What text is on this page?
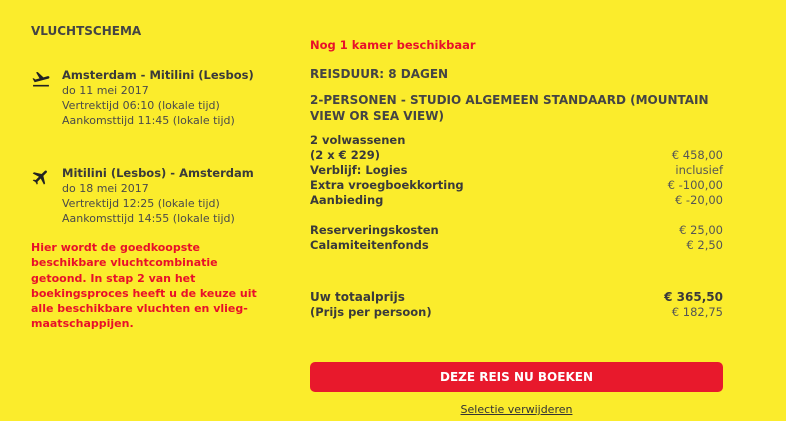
VLUCHTSCHEMA
Amsterdam - Mitilini (Lesbos)
do 11 mei 2017
Vertrektijd 06:10 (lokale tijd)
Aankomsttijd 11:45 (lokale tijd)
Mitilini (Lesbos) - Amsterdam
do 18 mei 2017
Vertrektijd 12:25 (lokale tijd)
Aankomsttijd 14:55 (lokale tijd)
Hier wordt de goedkoopste beschikbare vluchtcombinatie getoond. In stap 2 van het boekingsproces heeft u de keuze uit alle beschikbare vluchten en vlieg-maatschappijen.
Nog 1 kamer beschikbaar
REISDUUR: 8 DAGEN
2-PERSONEN - STUDIO ALGEMEEN STANDAARD (MOUNTAIN VIEW OR SEA VIEW)
2 volwassenen
(2 x € 229)	€ 458,00
Verblijf: Logies	inclusief
Extra vroegboekkorting	€ -100,00
Aanbieding	€ -20,00
Reserveringskosten	€ 25,00
Calamiteitenfonds	€ 2,50
Uw totaalprijs	€ 365,50
(Prijs per persoon)	€ 182,75
DEZE REIS NU BOEKEN
Selectie verwijderen
